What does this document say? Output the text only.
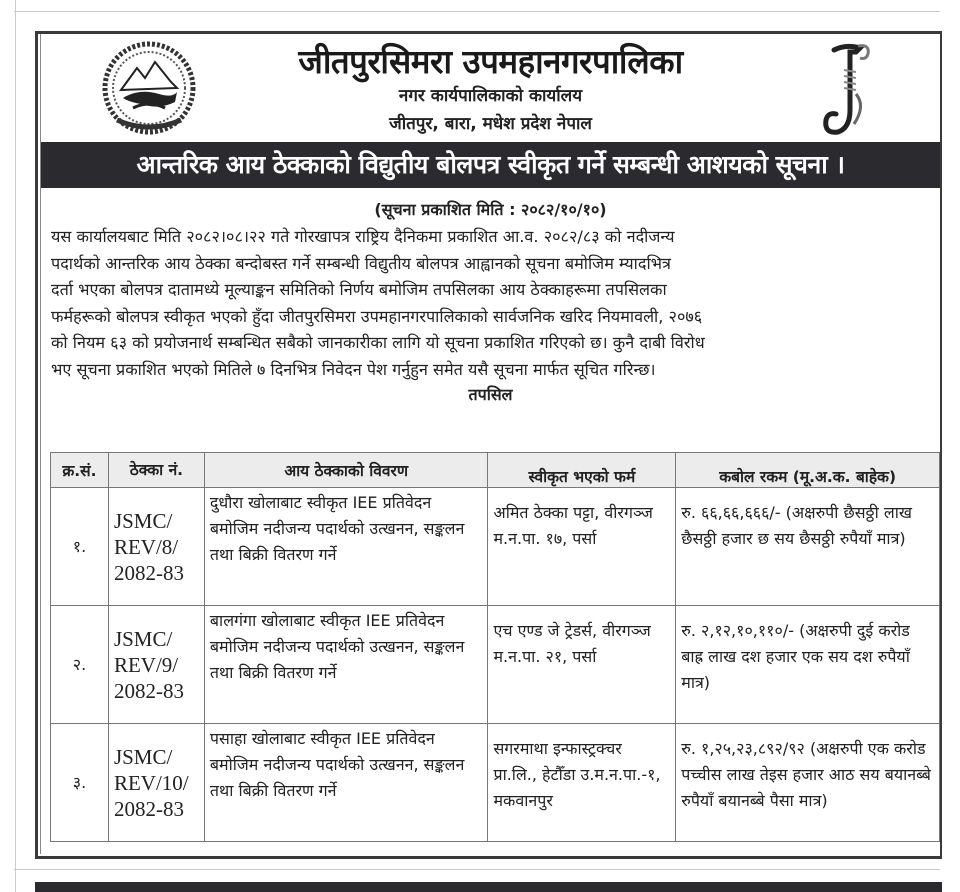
जीतपुरसिमरा उपमहानगरपालिका
नगर कार्यपालिकाको कार्यालय
जीतपुर, बारा, मधेश प्रदेश नेपाल
आन्तरिक आय ठेक्काको विद्युतीय बोलपत्र स्वीकृत गर्ने सम्बन्धी आशयको सूचना ।
(सूचना प्रकाशित मिति : २०८२/१०/१०)
यस कार्यालयबाट मिति २०८२।०८।२२ गते गोरखापत्र राष्ट्रिय दैनिकमा प्रकाशित आ.व. २०८२/८३ को नदीजन्य
पदार्थको आन्तरिक आय ठेक्का बन्दोबस्त गर्ने सम्बन्धी विद्युतीय बोलपत्र आह्वानको सूचना बमोजिम म्यादभित्र
दर्ता भएका बोलपत्र दातामध्ये मूल्याङ्कन समितिको निर्णय बमोजिम तपसिलका आय ठेक्काहरूमा तपसिलका
फर्महरूको बोलपत्र स्वीकृत भएको हुँदा जीतपुरसिमरा उपमहानगरपालिकाको सार्वजनिक खरिद नियमावली, २०७६
को नियम ६३ को प्रयोजनार्थ सम्बन्धित सबैको जानकारीका लागि यो सूचना प्रकाशित गरिएको छ। कुनै दाबी विरोध
भए सूचना प्रकाशित भएको मितिले ७ दिनभित्र निवेदन पेश गर्नुहुन समेत यसै सूचना मार्फत सूचित गरिन्छ।
तपसिल
क्र.सं.	ठेक्का नं.	आय ठेक्काको विवरण	स्वीकृत भएको फर्म	कबोल रकम (मू.अ.क. बाहेक)
१.	JSMC/ REV/8/ 2082-83	दुधौरा खोलाबाट स्वीकृत IEE प्रतिवेदन बमोजिम नदीजन्य पदार्थको उत्खनन, सङ्कलन तथा बिक्री वितरण गर्ने	अमित ठेक्का पट्टा, वीरगञ्ज म.न.पा. १७, पर्सा	रु. ६६,६६,६६६/- (अक्षरुपी छैसठ्ठी लाख छैसठ्ठी हजार छ सय छैसठ्ठी रुपैयाँ मात्र)
२.	JSMC/ REV/9/ 2082-83	बालगंगा खोलाबाट स्वीकृत IEE प्रतिवेदन बमोजिम नदीजन्य पदार्थको उत्खनन, सङ्कलन तथा बिक्री वितरण गर्ने	एच एण्ड जे ट्रेडर्स, वीरगञ्ज म.न.पा. २१, पर्सा	रु. २,१२,१०,११०/- (अक्षरुपी दुई करोड बाह्र लाख दश हजार एक सय दश रुपैयाँ मात्र)
३.	JSMC/ REV/10/ 2082-83	पसाहा खोलाबाट स्वीकृत IEE प्रतिवेदन बमोजिम नदीजन्य पदार्थको उत्खनन, सङ्कलन तथा बिक्री वितरण गर्ने	सगरमाथा इन्फास्ट्रक्चर प्रा.लि., हेटौँडा उ.म.न.पा.-१, मकवानपुर	रु. १,२५,२३,८९२/९२ (अक्षरुपी एक करोड पच्चीस लाख तेइस हजार आठ सय बयानब्बे रुपैयाँ बयानब्बे पैसा मात्र)
